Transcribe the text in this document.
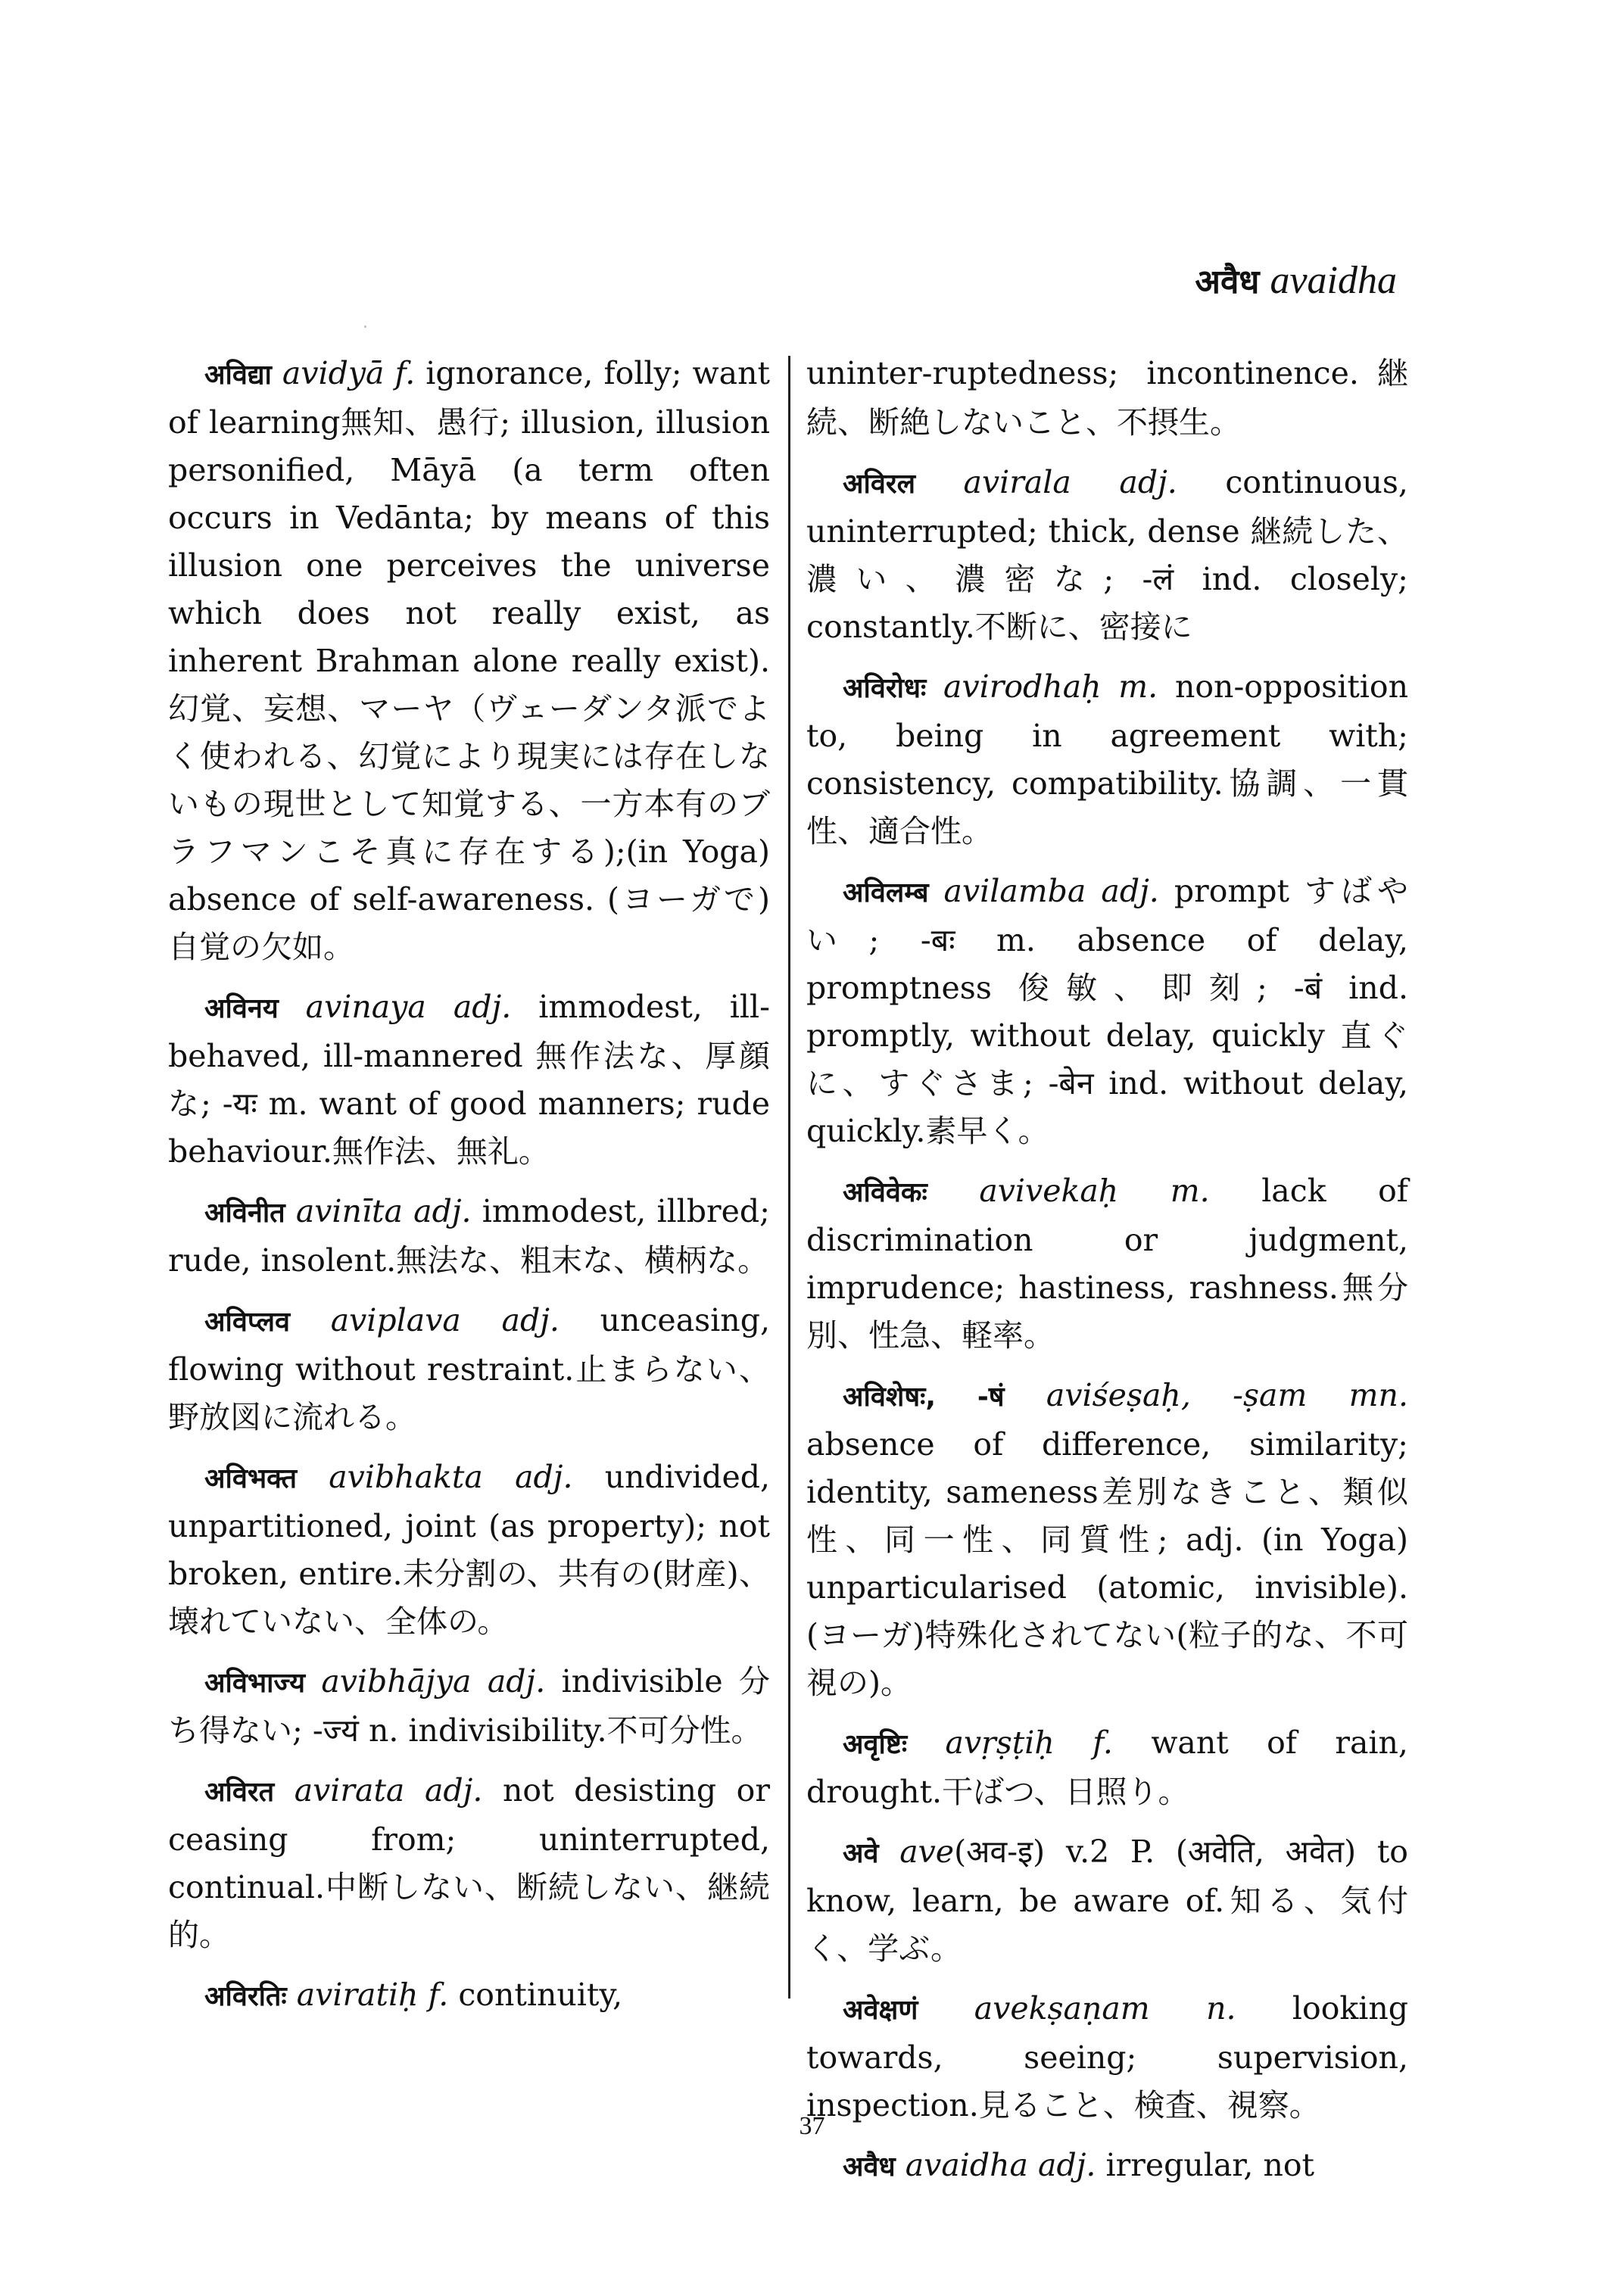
अवैध avaidha

अविद्या avidyā f. ignorance, folly; want of learning無知、愚行; illusion, illusion personified, Māyā (a term often occurs in Vedānta; by means of this illusion one perceives the universe which does not really exist, as inherent Brahman alone really exist).幻覚、妄想、マーヤ（ヴェーダンタ派でよく使われる、幻覚により現実には存在しないもの現世として知覚する、一方本有のブラフマンこそ真に存在する);(in Yoga) absence of self-awareness. (ヨーガで)自覚の欠如。

अविनय avinaya adj. immodest, ill-behaved, ill-mannered 無作法な、厚顔な; -यः m. want of good manners; rude behaviour.無作法、無礼。

अविनीत avinīta adj. immodest, illbred; rude, insolent.無法な、粗末な、横柄な。

अविप्लव aviplava adj. unceasing, flowing without restraint.止まらない、野放図に流れる。

अविभक्त avibhakta adj. undivided, unpartitioned, joint (as property); not broken, entire.未分割の、共有の(財産)、壊れていない、全体の。

अविभाज्य avibhājya adj. indivisible 分ち得ない; -ज्यं n. indivisibility.不可分性。

अविरत avirata adj. not desisting or ceasing from; uninterrupted, continual.中断しない、断続しない、継続的。

अविरतिः aviratiḥ f. continuity,

uninter-ruptedness; incontinence.継続、断絶しないこと、不摂生。

अविरल avirala adj. continuous, uninterrupted; thick, dense 継続した、濃い、濃密な; -लं ind. closely; constantly.不断に、密接に

अविरोधः avirodhaḥ m. non-opposition to, being in agreement with; consistency, compatibility.協調、一貫性、適合性。

अविलम्ब avilamba adj. prompt すばやい; -बः m. absence of delay, promptness 俊敏、即刻; -बं ind. promptly, without delay, quickly 直ぐに、すぐさま; -बेन ind. without delay, quickly.素早く。

अविवेकः avivekaḥ m. lack of discrimination or judgment, imprudence; hastiness, rashness.無分別、性急、軽率。

अविशेषः, -षं aviśeṣaḥ, -ṣam mn. absence of difference, similarity; identity, sameness差別なきこと、類似性、同一性、同質性; adj. (in Yoga) unparticularised (atomic, invisible).(ヨーガ)特殊化されてない(粒子的な、不可視の)。

अवृष्टिः avṛṣṭiḥ f. want of rain, drought.干ばつ、日照り。

अवे ave(अव-इ) v.2 P. (अवेति, अवेत) to know, learn, be aware of.知る、気付く、学ぶ。

अवेक्षणं avekṣaṇam n. looking towards, seeing; supervision, inspection.見ること、検査、視察。

अवैध avaidha adj. irregular, not

37
